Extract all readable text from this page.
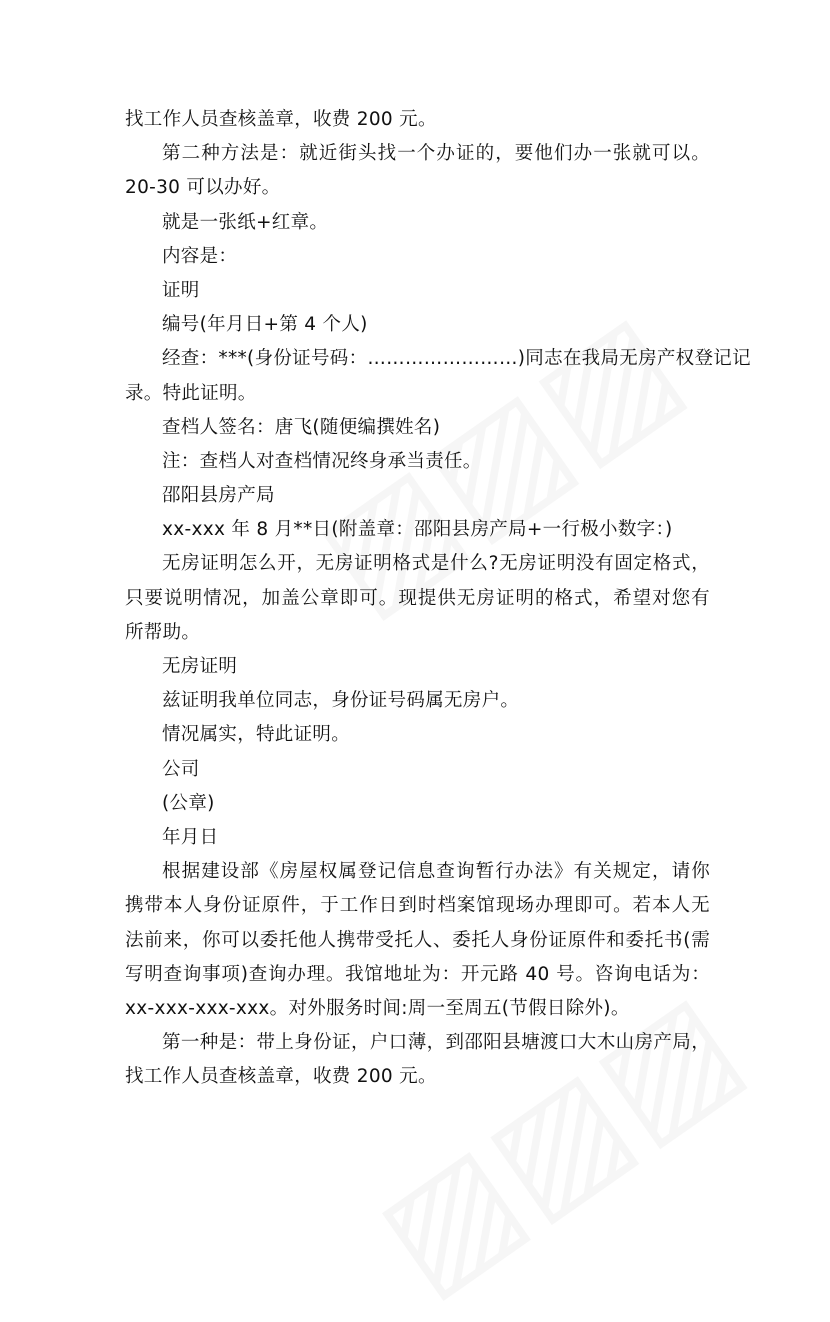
找工作人员查核盖章，收费 200 元。
第二种方法是：就近街头找一个办证的，要他们办一张就可以。
20-30 可以办好。
就是一张纸+红章。
内容是：
证明
编号(年月日+第 4 个人)
经查：***(身份证号码：……………………)同志在我局无房产权登记记
录。特此证明。
查档人签名：唐飞(随便编撰姓名)
注：查档人对查档情况终身承当责任。
邵阳县房产局
xx-xxx 年 8 月**日(附盖章：邵阳县房产局+一行极小数字：)
无房证明怎么开，无房证明格式是什么?无房证明没有固定格式，
只要说明情况，加盖公章即可。现提供无房证明的格式，希望对您有
所帮助。
无房证明
兹证明我单位同志，身份证号码属无房户。
情况属实，特此证明。
公司
(公章)
年月日
根据建设部《房屋权属登记信息查询暂行办法》有关规定，请你
携带本人身份证原件，于工作日到时档案馆现场办理即可。若本人无
法前来，你可以委托他人携带受托人、委托人身份证原件和委托书(需
写明查询事项)查询办理。我馆地址为：开元路 40 号。咨询电话为：
xx-xxx-xxx-xxx。对外服务时间:周一至周五(节假日除外)。
第一种是：带上身份证，户口薄，到邵阳县塘渡口大木山房产局，
找工作人员查核盖章，收费 200 元。
